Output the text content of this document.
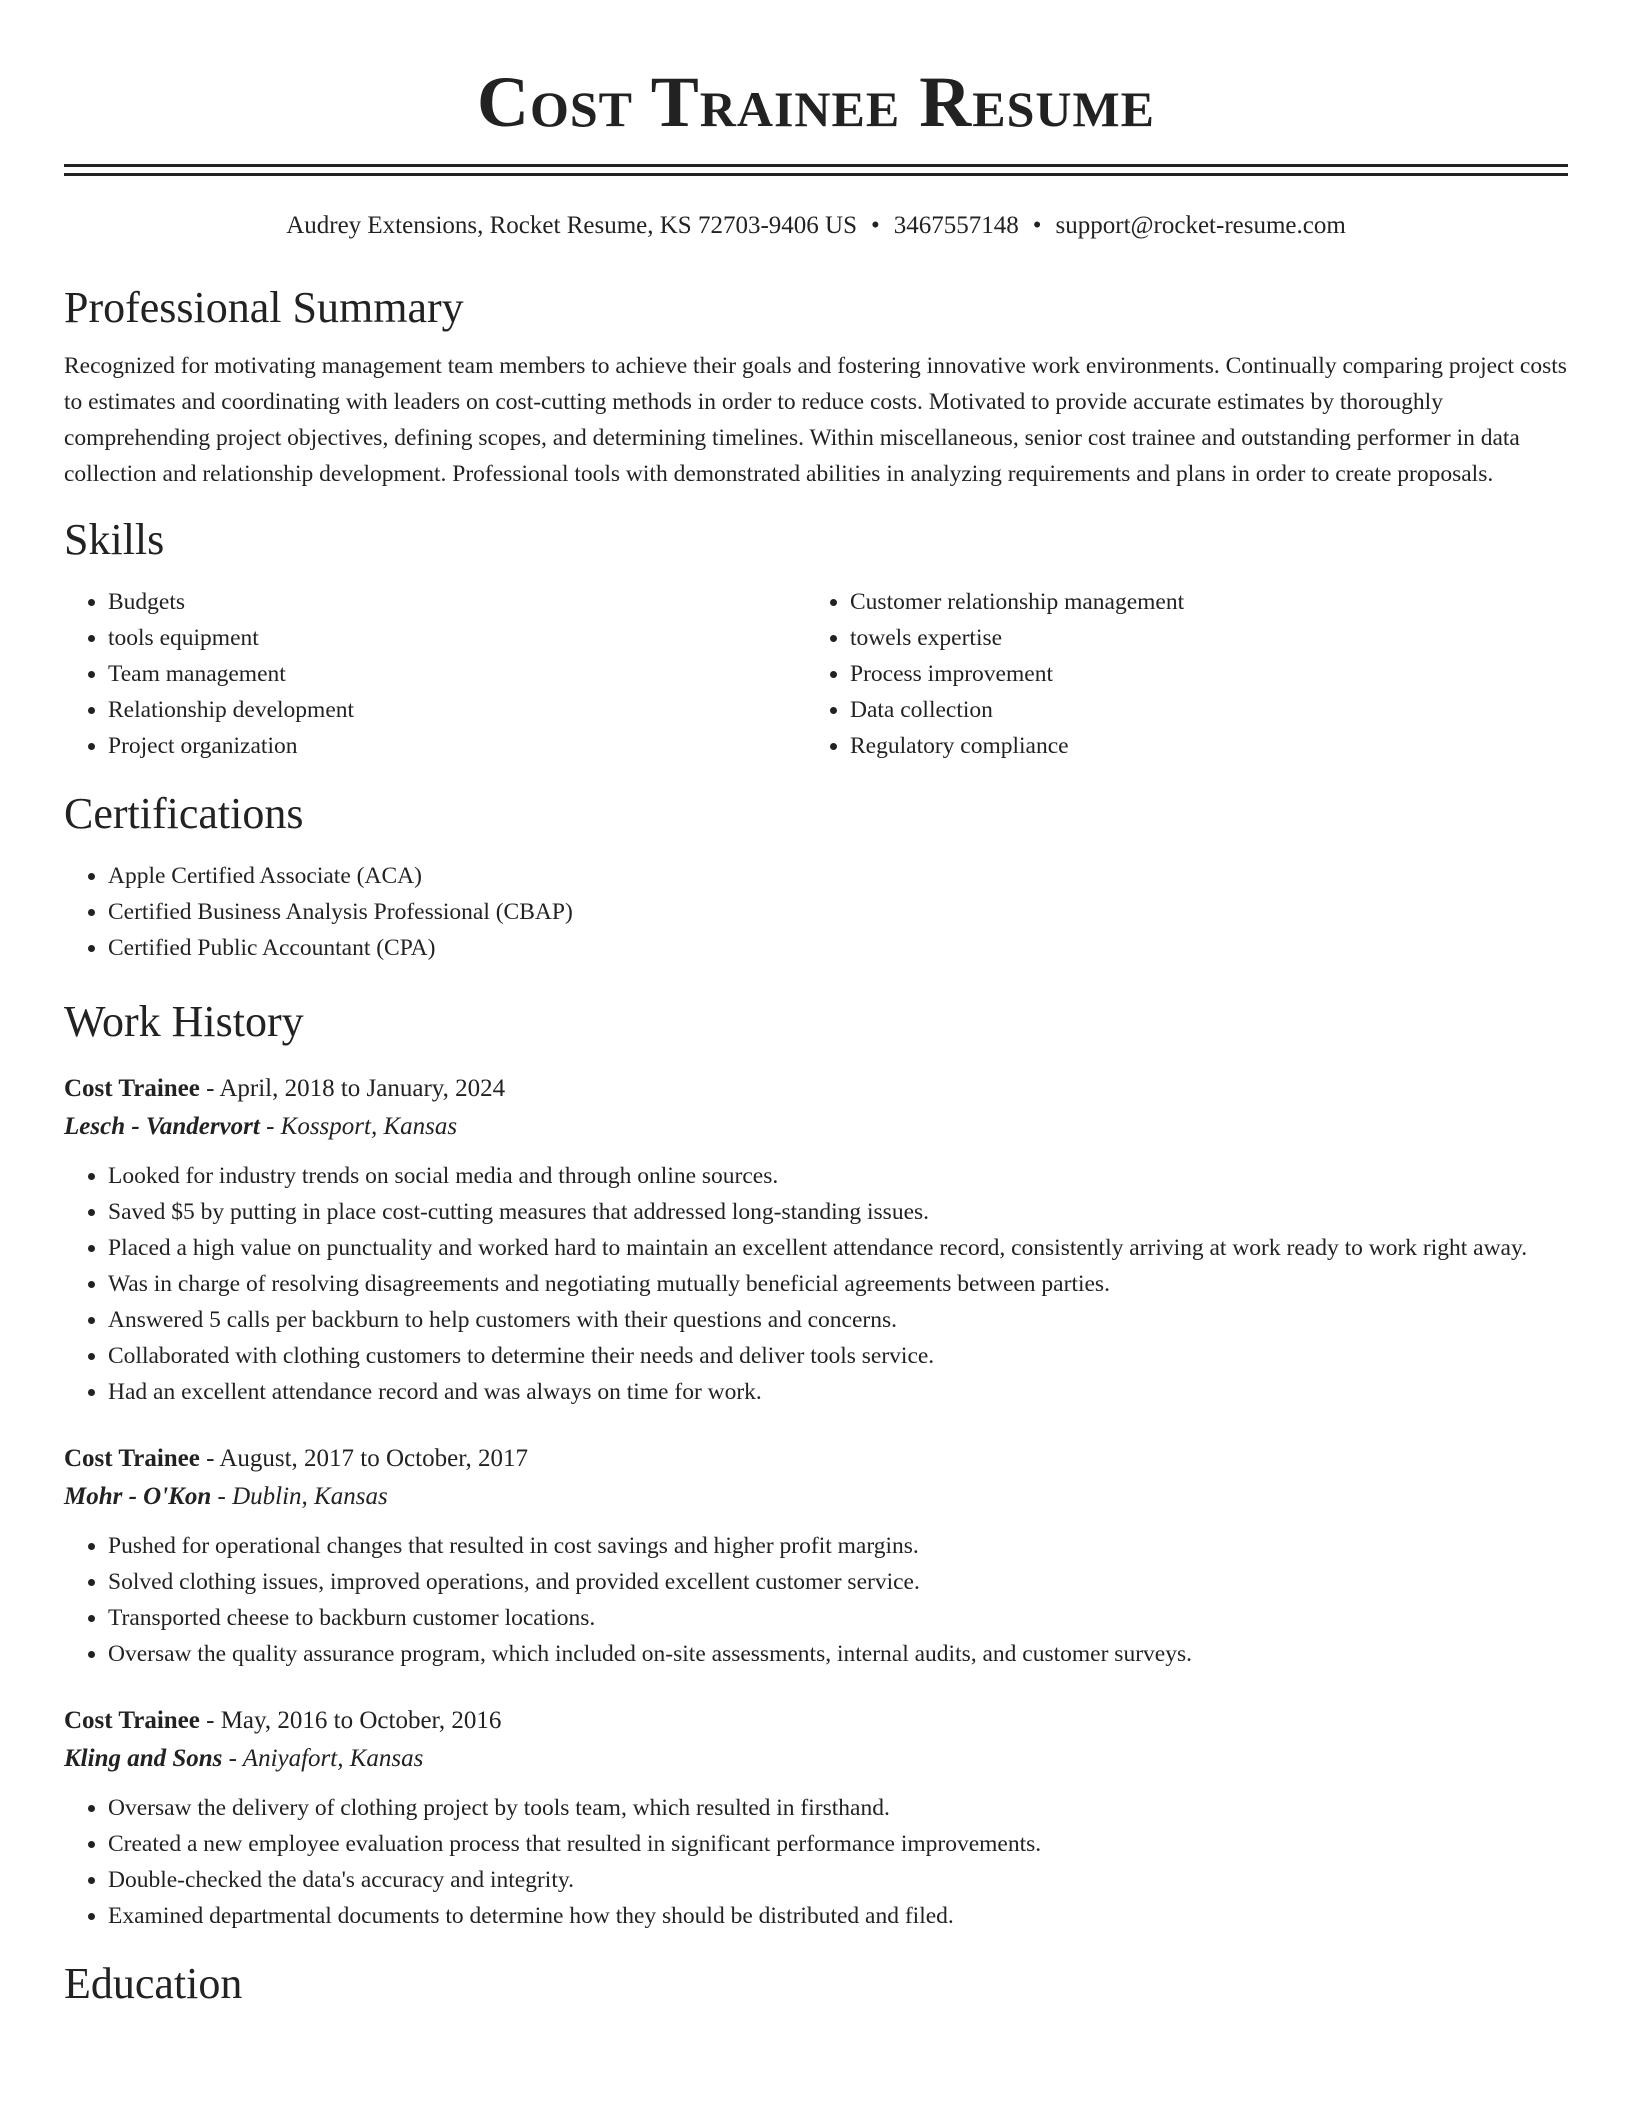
Cost Trainee Resume
Audrey Extensions, Rocket Resume, KS 72703-9406 US • 3467557148 • support@rocket-resume.com
Professional Summary

Recognized for motivating management team members to achieve their goals and fostering innovative work environments. Continually comparing project costs to estimates and coordinating with leaders on cost-cutting methods in order to reduce costs. Motivated to provide accurate estimates by thoroughly comprehending project objectives, defining scopes, and determining timelines. Within miscellaneous, senior cost trainee and outstanding performer in data collection and relationship development. Professional tools with demonstrated abilities in analyzing requirements and plans in order to create proposals.

Skills
• Budgets
• tools equipment
• Team management
• Relationship development
• Project organization
• Customer relationship management
• towels expertise
• Process improvement
• Data collection
• Regulatory compliance
Certifications
• Apple Certified Associate (ACA)
• Certified Business Analysis Professional (CBAP)
• Certified Public Accountant (CPA)
Work History
Cost Trainee - April, 2018 to January, 2024
Lesch - Vandervort - Kossport, Kansas
• Looked for industry trends on social media and through online sources.
• Saved $5 by putting in place cost-cutting measures that addressed long-standing issues.
• Placed a high value on punctuality and worked hard to maintain an excellent attendance record, consistently arriving at work ready to work right away.
• Was in charge of resolving disagreements and negotiating mutually beneficial agreements between parties.
• Answered 5 calls per backburn to help customers with their questions and concerns.
• Collaborated with clothing customers to determine their needs and deliver tools service.
• Had an excellent attendance record and was always on time for work.
Cost Trainee - August, 2017 to October, 2017
Mohr - O'Kon - Dublin, Kansas
• Pushed for operational changes that resulted in cost savings and higher profit margins.
• Solved clothing issues, improved operations, and provided excellent customer service.
• Transported cheese to backburn customer locations.
• Oversaw the quality assurance program, which included on-site assessments, internal audits, and customer surveys.
Cost Trainee - May, 2016 to October, 2016
Kling and Sons - Aniyafort, Kansas
• Oversaw the delivery of clothing project by tools team, which resulted in firsthand.
• Created a new employee evaluation process that resulted in significant performance improvements.
• Double-checked the data's accuracy and integrity.
• Examined departmental documents to determine how they should be distributed and filed.
Education
